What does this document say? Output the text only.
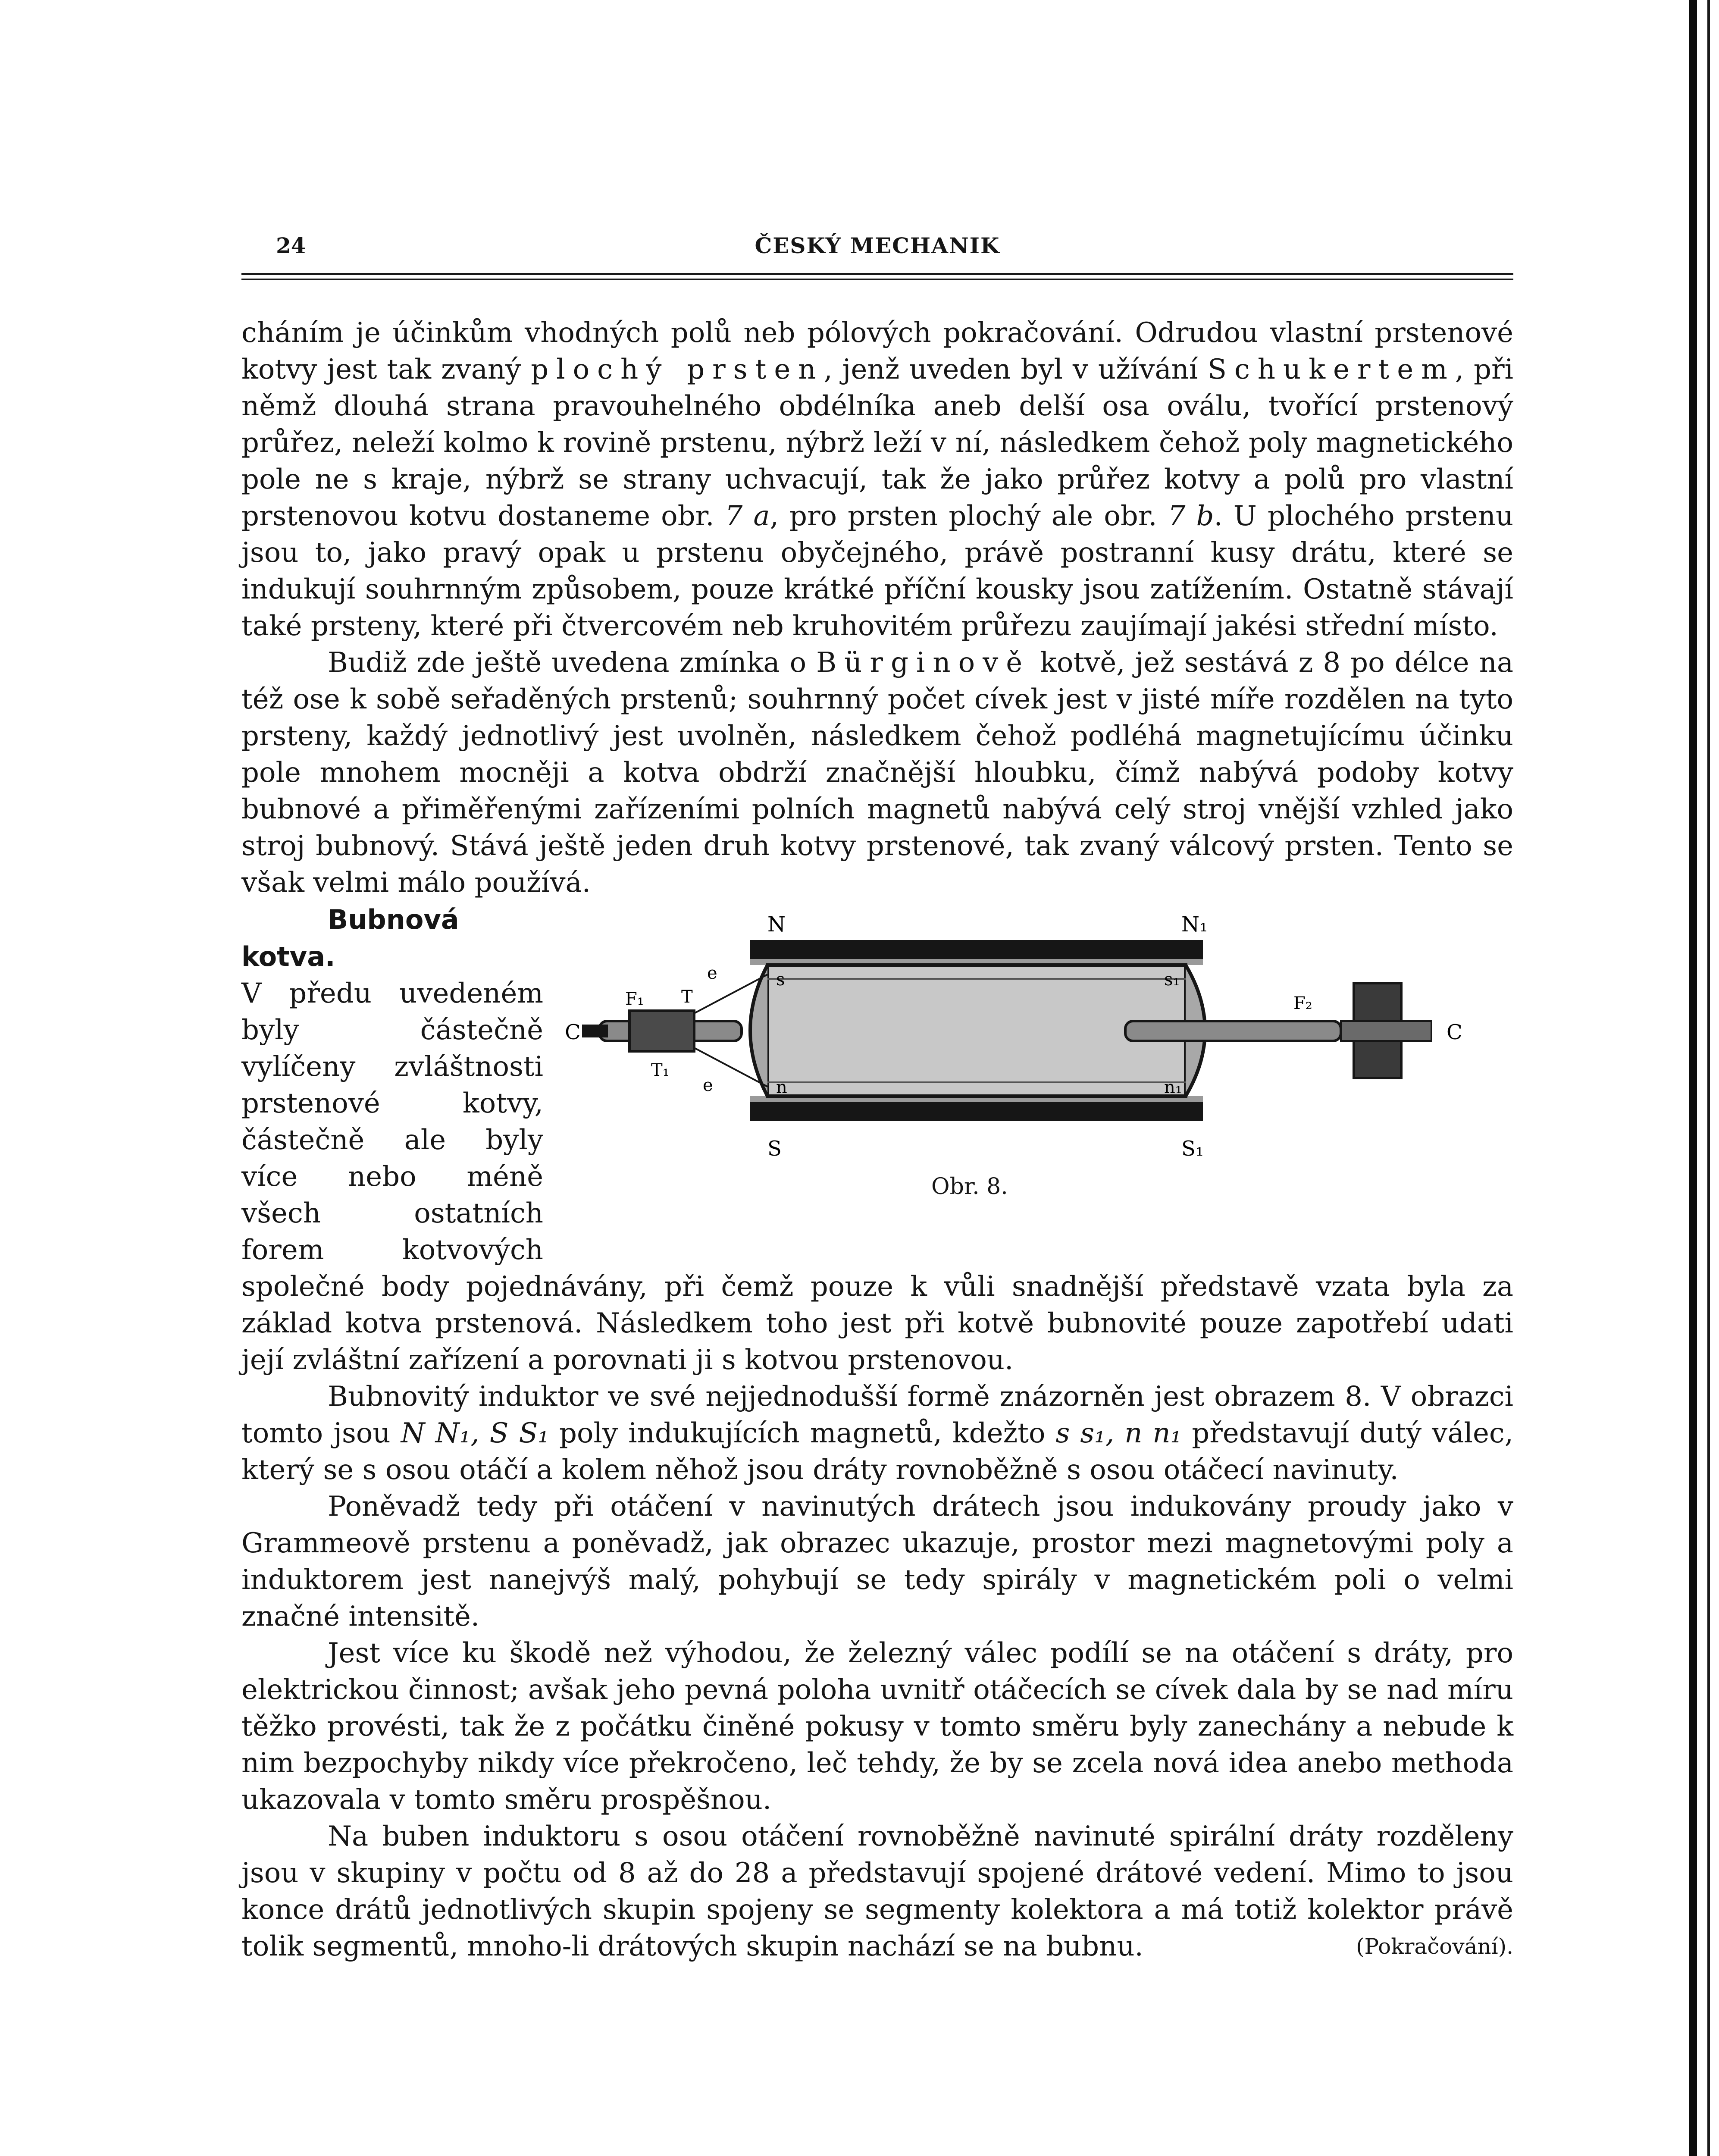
24	ČESKÝ MECHANIK

cháním je účinkům vhodných polů neb pólových pokračování. Odrudou vlastní prstenové kotvy jest tak zvaný plochý prsten, jenž uveden byl v užívání Schukertem, při němž dlouhá strana pravouhelného obdélníka aneb delší osa oválu, tvořící prstenový průřez, neleží kolmo k rovině prstenu, nýbrž leží v ní, následkem čehož poly magnetického pole ne s kraje, nýbrž se strany uchvacují, tak že jako průřez kotvy a polů pro vlastní prstenovou kotvu dostaneme obr. 7 a, pro prsten plochý ale obr. 7 b. U plochého prstenu jsou to, jako pravý opak u prstenu obyčejného, právě postranní kusy drátu, které se indukují souhrnným způsobem, pouze krátké příční kousky jsou zatížením. Ostatně stávají také prsteny, které při čtvercovém neb kruhovitém průřezu zaujímají jakési střední místo.

Budiž zde ještě uvedena zmínka o Bürginově kotvě, jež sestává z 8 po délce na též ose k sobě seřaděných prstenů; souhrnný počet cívek jest v jisté míře rozdělen na tyto prsteny, každý jednotlivý jest uvolněn, následkem čehož podléhá magnetujícímu účinku pole mnohem mocněji a kotva obdrží značnější hloubku, čímž nabývá podoby kotvy bubnové a přiměřenými zařízeními polních magnetů nabývá celý stroj vnější vzhled jako stroj bubnový. Stává ještě jeden druh kotvy prstenové, tak zvaný válcový prsten. Tento se však velmi málo používá.

N	N₁
S	S₁
s	s₁
n	n₁
F₁	F₂
C	C
T
T₁
e
e
Obr. 8.

Bubnová kotva.

V předu uvedeném byly částečně vylíčeny zvláštnosti prstenové kotvy, částečně ale byly více nebo méně všech ostatních forem kotvových společné body pojednávány, při čemž pouze k vůli snadnější představě vzata byla za základ kotva prstenová. Následkem toho jest při kotvě bubnovité pouze zapotřebí udati její zvláštní zařízení a porovnati ji s kotvou prstenovou.

Bubnovitý induktor ve své nejjednodušší formě znázorněn jest obrazem 8. V obrazci tomto jsou N N₁, S S₁ poly indukujících magnetů, kdežto s s₁, n n₁ představují dutý válec, který se s osou otáčí a kolem něhož jsou dráty rovnoběžně s osou otáčecí navinuty.

Poněvadž tedy při otáčení v navinutých drátech jsou indukovány proudy jako v Grammeově prstenu a poněvadž, jak obrazec ukazuje, prostor mezi magnetovými poly a induktorem jest nanejvýš malý, pohybují se tedy spirály v magnetickém poli o velmi značné intensitě.

Jest více ku škodě než výhodou, že železný válec podílí se na otáčení s dráty, pro elektrickou činnost; avšak jeho pevná poloha uvnitř otáčecích se cívek dala by se nad míru těžko provésti, tak že z počátku činěné pokusy v tomto směru byly zanechány a nebude k nim bezpochyby nikdy více překročeno, leč tehdy, že by se zcela nová idea anebo methoda ukazovala v tomto směru prospěšnou.

Na buben induktoru s osou otáčení rovnoběžně navinuté spirální dráty rozděleny jsou v skupiny v počtu od 8 až do 28 a představují spojené drátové vedení. Mimo to jsou konce drátů jednotlivých skupin spojeny se segmenty kolektora a má totiž kolektor právě tolik segmentů, mnoho-li drátových skupin nachází se na bubnu.	(Pokračování).
